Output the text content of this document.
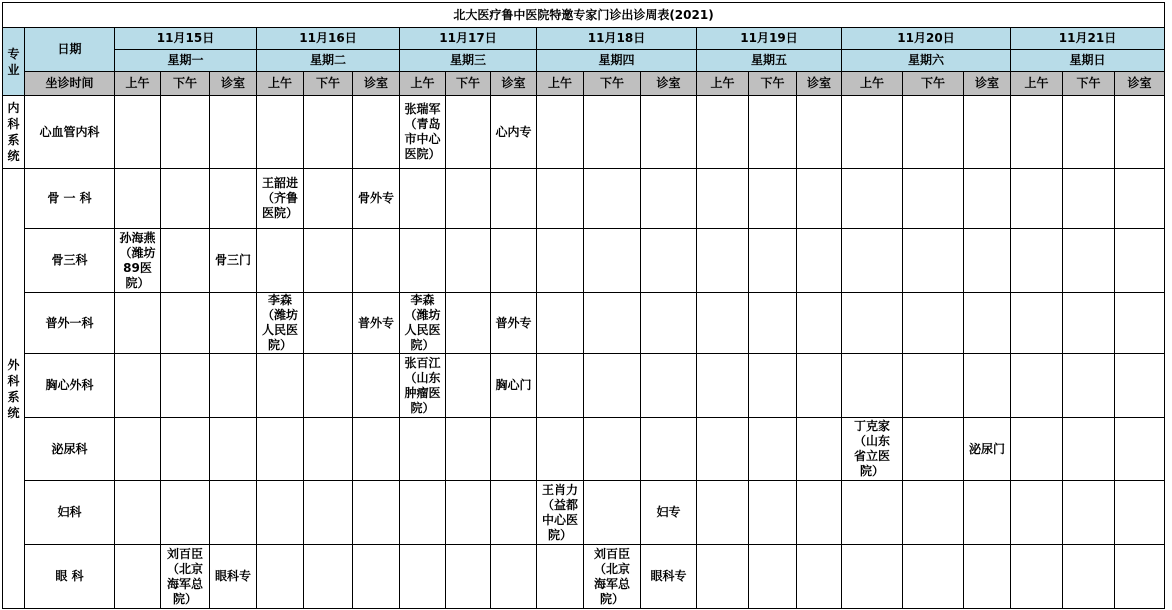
北大医疗鲁中医院特邀专家门诊出诊周表(2021)																						
专业	日期	11月15日			11月16日			11月17日			11月18日			11月19日			11月20日			11月21日		
		星期一			星期二			星期三			星期四			星期五			星期六			星期日		
	坐诊时间	上午	下午	诊室	上午	下午	诊室	上午	下午	诊室	上午	下午	诊室	上午	下午	诊室	上午	下午	诊室	上午	下午	诊室
内科系统	心血管内科							张瑞军（青岛市中心医院）		心内专												
外科系统	骨 一 科				王韶进（齐鲁医院）		骨外专															
	骨三科	孙海燕（潍坊89医院）		骨三门																		
	普外一科				李森（潍坊人民医院）		普外专	李森（潍坊人民医院）		普外专												
	胸心外科							张百江（山东肿瘤医院）		胸心门												
	泌尿科																丁克家（山东省立医院）		泌尿门			
	妇科										王肖力（益都中心医院）		妇专									
	眼 科		刘百臣（北京海军总院）	眼科专								刘百臣（北京海军总院）	眼科专									
